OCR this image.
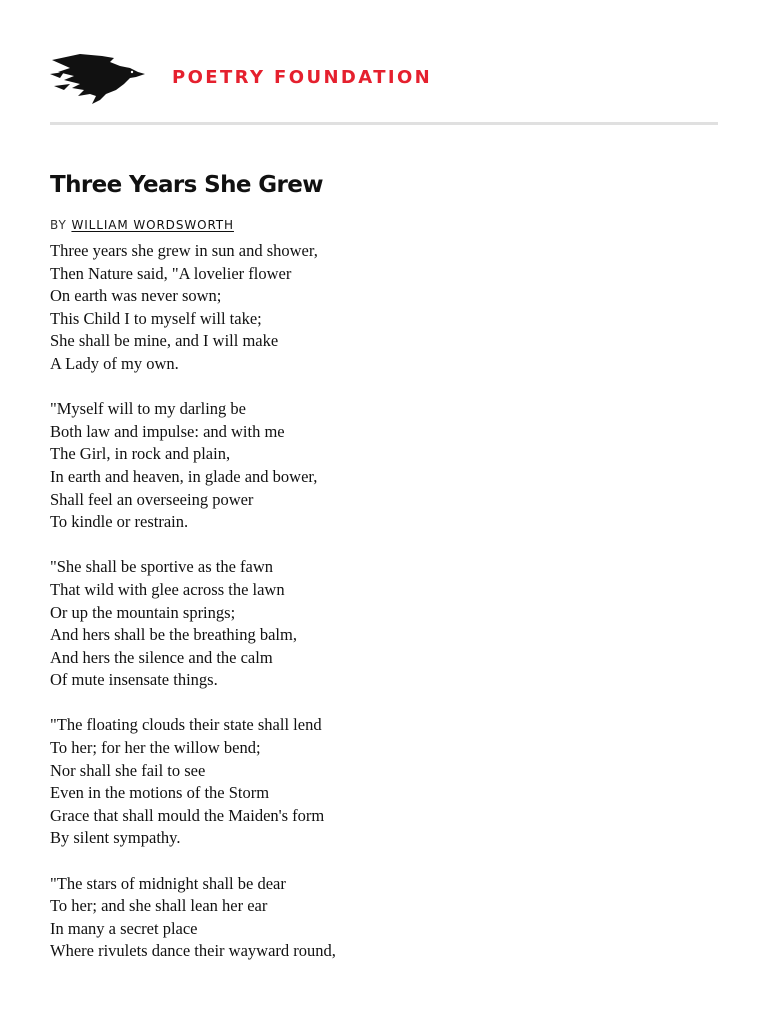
POETRY FOUNDATION
Three Years She Grew
BY WILLIAM WORDSWORTH
Three years she grew in sun and shower,
Then Nature said, "A lovelier flower
On earth was never sown;
This Child I to myself will take;
She shall be mine, and I will make
A Lady of my own.
"Myself will to my darling be
Both law and impulse: and with me
The Girl, in rock and plain,
In earth and heaven, in glade and bower,
Shall feel an overseeing power
To kindle or restrain.
"She shall be sportive as the fawn
That wild with glee across the lawn
Or up the mountain springs;
And hers shall be the breathing balm,
And hers the silence and the calm
Of mute insensate things.
"The floating clouds their state shall lend
To her; for her the willow bend;
Nor shall she fail to see
Even in the motions of the Storm
Grace that shall mould the Maiden's form
By silent sympathy.
"The stars of midnight shall be dear
To her; and she shall lean her ear
In many a secret place
Where rivulets dance their wayward round,
